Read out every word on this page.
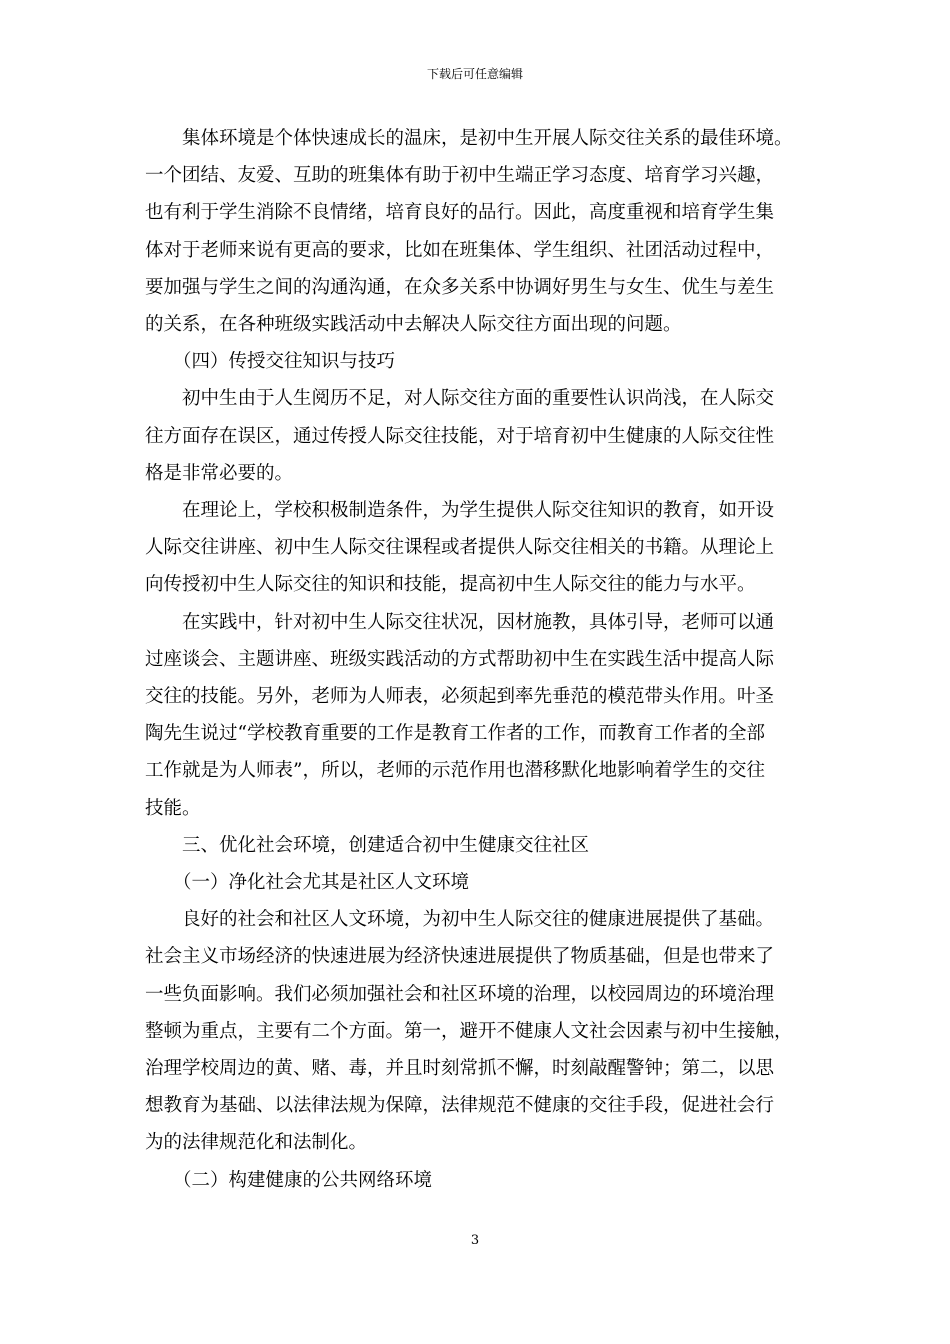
下载后可任意编辑
集体环境是个体快速成长的温床，是初中生开展人际交往关系的最佳环境。
一个团结、友爱、互助的班集体有助于初中生端正学习态度、培育学习兴趣，
也有利于学生消除不良情绪，培育良好的品行。因此，高度重视和培育学生集
体对于老师来说有更高的要求，比如在班集体、学生组织、社团活动过程中，
要加强与学生之间的沟通沟通，在众多关系中协调好男生与女生、优生与差生
的关系，在各种班级实践活动中去解决人际交往方面出现的问题。
（四）传授交往知识与技巧
初中生由于人生阅历不足，对人际交往方面的重要性认识尚浅，在人际交
往方面存在误区，通过传授人际交往技能，对于培育初中生健康的人际交往性
格是非常必要的。
在理论上，学校积极制造条件，为学生提供人际交往知识的教育，如开设
人际交往讲座、初中生人际交往课程或者提供人际交往相关的书籍。从理论上
向传授初中生人际交往的知识和技能，提高初中生人际交往的能力与水平。
在实践中，针对初中生人际交往状况，因材施教，具体引导，老师可以通
过座谈会、主题讲座、班级实践活动的方式帮助初中生在实践生活中提高人际
交往的技能。另外，老师为人师表，必须起到率先垂范的模范带头作用。叶圣
陶先生说过“学校教育重要的工作是教育工作者的工作，而教育工作者的全部
工作就是为人师表”，所以，老师的示范作用也潜移默化地影响着学生的交往
技能。
三、优化社会环境，创建适合初中生健康交往社区
（一）净化社会尤其是社区人文环境
良好的社会和社区人文环境，为初中生人际交往的健康进展提供了基础。
社会主义市场经济的快速进展为经济快速进展提供了物质基础，但是也带来了
一些负面影响。我们必须加强社会和社区环境的治理，以校园周边的环境治理
整顿为重点，主要有二个方面。第一，避开不健康人文社会因素与初中生接触，
治理学校周边的黄、赌、毒，并且时刻常抓不懈，时刻敲醒警钟；第二，以思
想教育为基础、以法律法规为保障，法律规范不健康的交往手段，促进社会行
为的法律规范化和法制化。
（二）构建健康的公共网络环境
3
